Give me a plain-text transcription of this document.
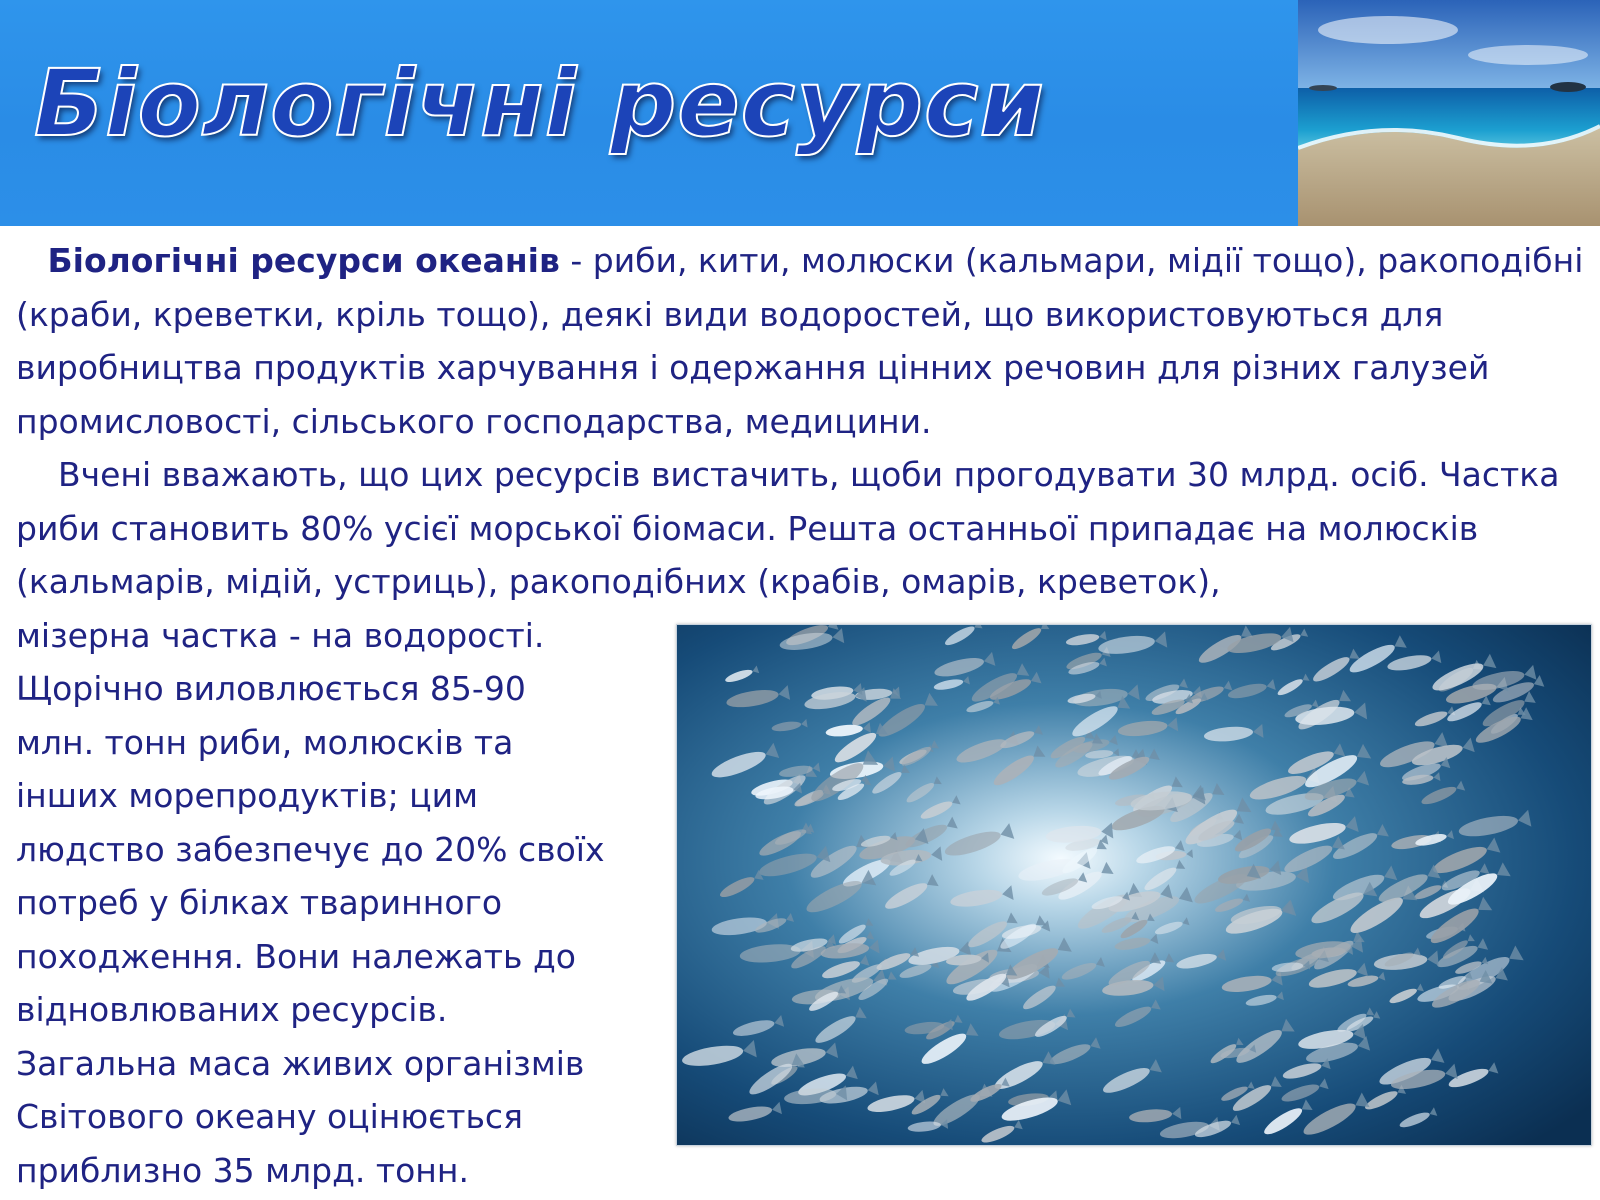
Біологічні ресурси

Біологічні ресурси океанів - риби, кити, молюски (кальмари, мідії тощо), ракоподібні (краби, креветки, кріль тощо), деякі види водоростей, що використовуються для виробництва продуктів харчування і одержання цінних речовин для різних галузей промисловості, сільського господарства, медицини.

Вчені вважають, що цих ресурсів вистачить, щоби прогодувати 30 млрд. осіб. Частка риби становить 80% усієї морської біомаси. Решта останньої припадає на молюсків (кальмарів, мідій, устриць), ракоподібних (крабів, омарів, креветок),

мізерна частка - на водорості.
Щорічно виловлюється 85-90
млн. тонн риби, молюсків та
інших морепродуктів; цим
людство забезпечує до 20% своїх
потреб у білках тваринного
походження. Вони належать до
відновлюваних ресурсів.
Загальна маса живих організмів
Світового океану оцінюється
приблизно 35 млрд. тонн.
